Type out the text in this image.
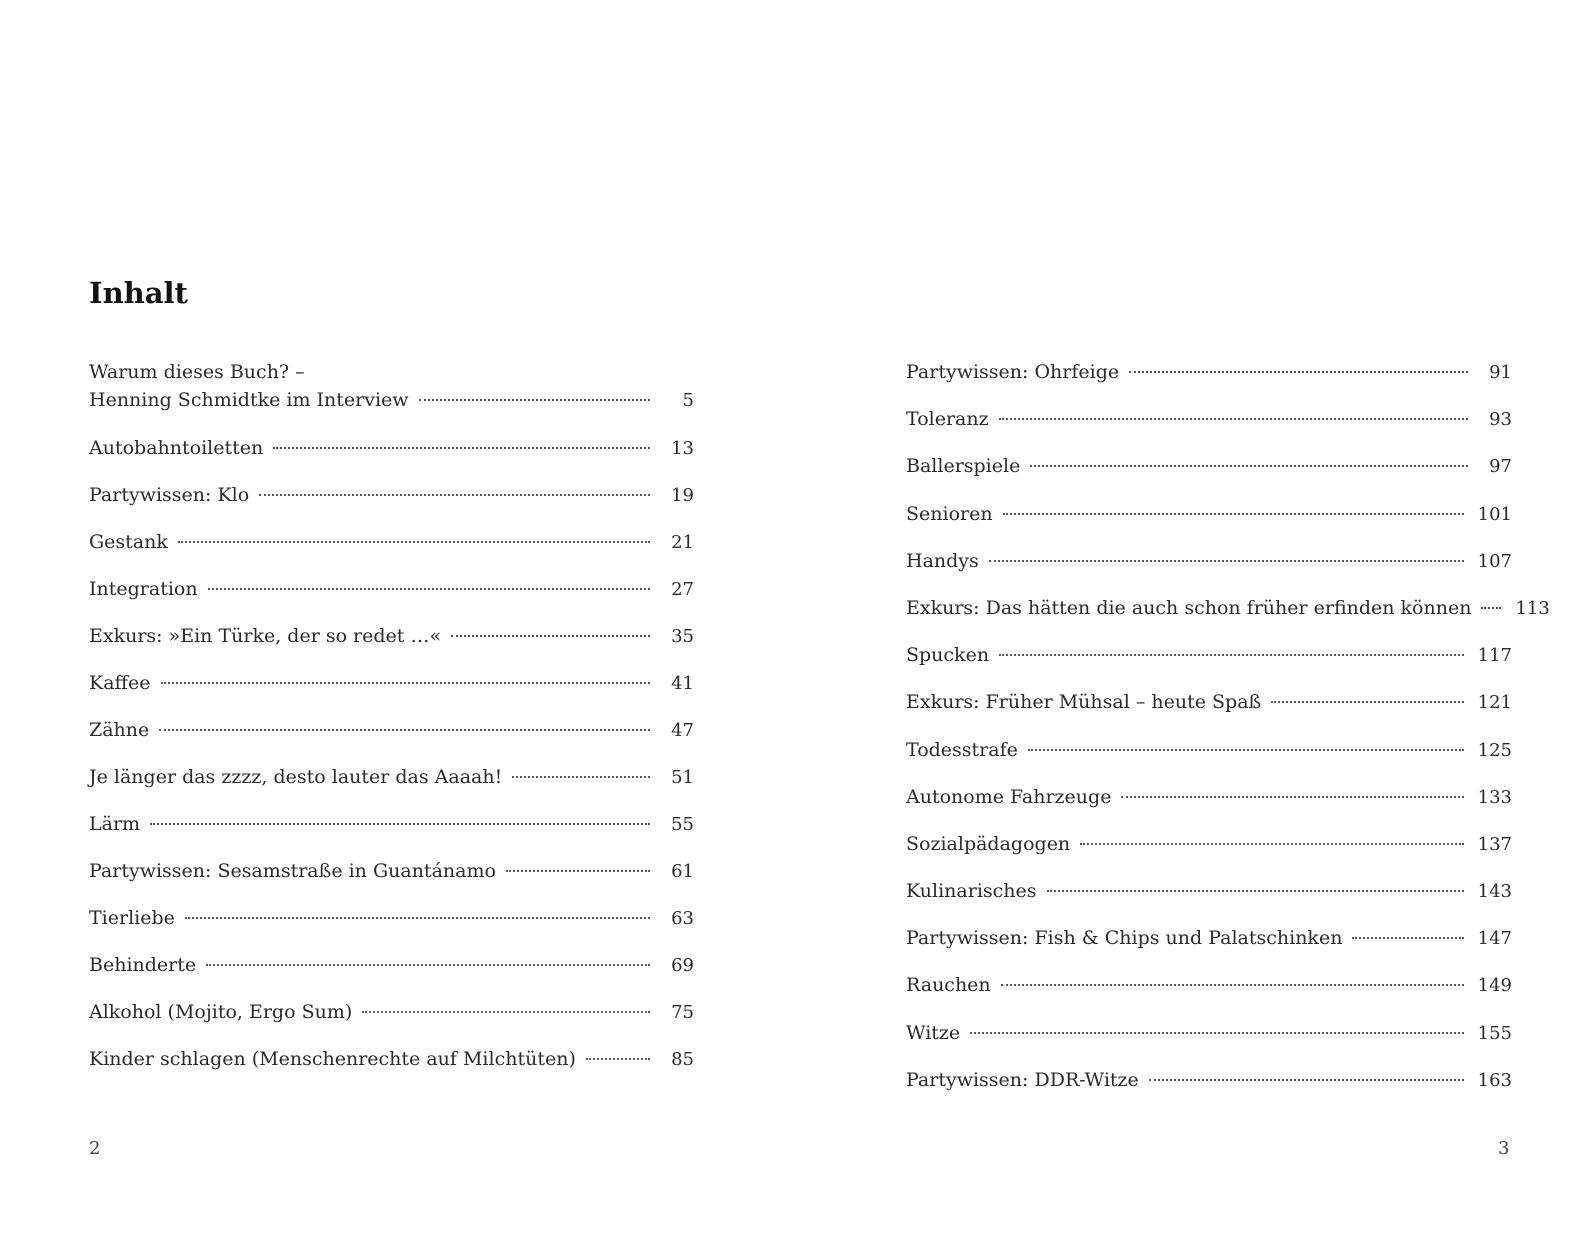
Inhalt
Warum dieses Buch? –
Henning Schmidtke im Interview	5
Autobahntoiletten	13
Partywissen: Klo	19
Gestank	21
Integration	27
Exkurs: »Ein Türke, der so redet …«	35
Kaffee	41
Zähne	47
Je länger das zzzz, desto lauter das Aaaah!	51
Lärm	55
Partywissen: Sesamstraße in Guantánamo	61
Tierliebe	63
Behinderte	69
Alkohol (Mojito, Ergo Sum)	75
Kinder schlagen (Menschenrechte auf Milchtüten)	85
Partywissen: Ohrfeige	91
Toleranz	93
Ballerspiele	97
Senioren	101
Handys	107
Exkurs: Das hätten die auch schon früher erfinden können 113
Spucken	117
Exkurs: Früher Mühsal – heute Spaß	121
Todesstrafe	125
Autonome Fahrzeuge	133
Sozialpädagogen	137
Kulinarisches	143
Partywissen: Fish & Chips und Palatschinken	147
Rauchen	149
Witze	155
Partywissen: DDR-Witze	163
2	3
